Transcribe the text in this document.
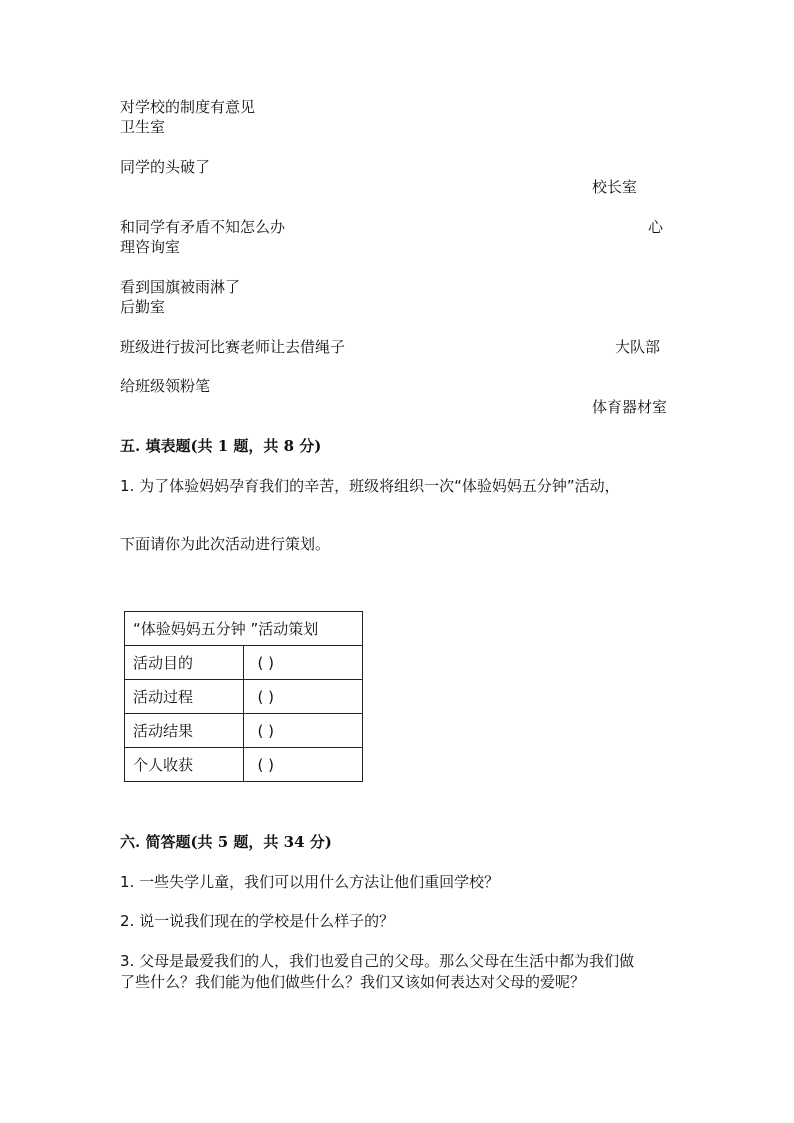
对学校的制度有意见
卫生室
同学的头破了
校长室
和同学有矛盾不知怎么办	心
理咨询室
看到国旗被雨淋了
后勤室
班级进行拔河比赛老师让去借绳子	大队部
给班级领粉笔
体育器材室
五. 填表题(共 1 题，共 8 分)
1. 为了体验妈妈孕育我们的辛苦，班级将组织一次“体验妈妈五分钟”活动，
下面请你为此次活动进行策划。
“体验妈妈五分钟 ”活动策划	
活动目的	( )
活动过程	( )
活动结果	( )
个人收获	( )
六. 简答题(共 5 题，共 34 分)
1. 一些失学儿童，我们可以用什么方法让他们重回学校？
2. 说一说我们现在的学校是什么样子的？
3. 父母是最爱我们的人，我们也爱自己的父母。那么父母在生活中都为我们做
了些什么？我们能为他们做些什么？我们又该如何表达对父母的爱呢？
